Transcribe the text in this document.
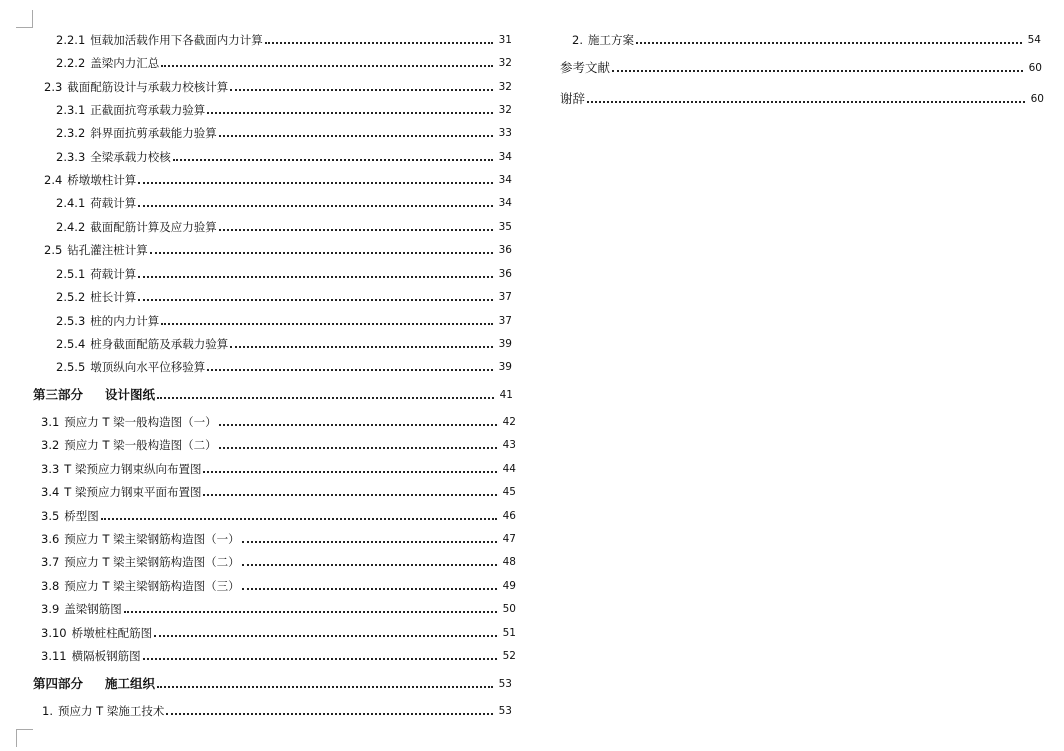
2.2.1 恒载加活载作用下各截面内力计算	31
2.2.2 盖梁内力汇总	32
2.3 截面配筋设计与承载力校核计算	32
2.3.1 正截面抗弯承载力验算	32
2.3.2 斜界面抗剪承载能力验算	33
2.3.3 全梁承载力校核	34
2.4 桥墩墩柱计算	34
2.4.1 荷载计算	34
2.4.2 截面配筋计算及应力验算	35
2.5 钻孔灌注桩计算	36
2.5.1 荷载计算	36
2.5.2 桩长计算	37
2.5.3 桩的内力计算	37
2.5.4 桩身截面配筋及承载力验算	39
2.5.5 墩顶纵向水平位移验算	39
第三部分 设计图纸	41
3.1 预应力 T 梁一般构造图（一）	42
3.2 预应力 T 梁一般构造图（二）	43
3.3 T 梁预应力钢束纵向布置图	44
3.4 T 梁预应力钢束平面布置图	45
3.5 桥型图	46
3.6 预应力 T 梁主梁钢筋构造图（一）	47
3.7 预应力 T 梁主梁钢筋构造图（二）	48
3.8 预应力 T 梁主梁钢筋构造图（三）	49
3.9 盖梁钢筋图	50
3.10 桥墩桩柱配筋图	51
3.11 横隔板钢筋图	52
第四部分 施工组织	53
1. 预应力 T 梁施工技术	53
2. 施工方案	54
参考文献	60
谢辞	60
